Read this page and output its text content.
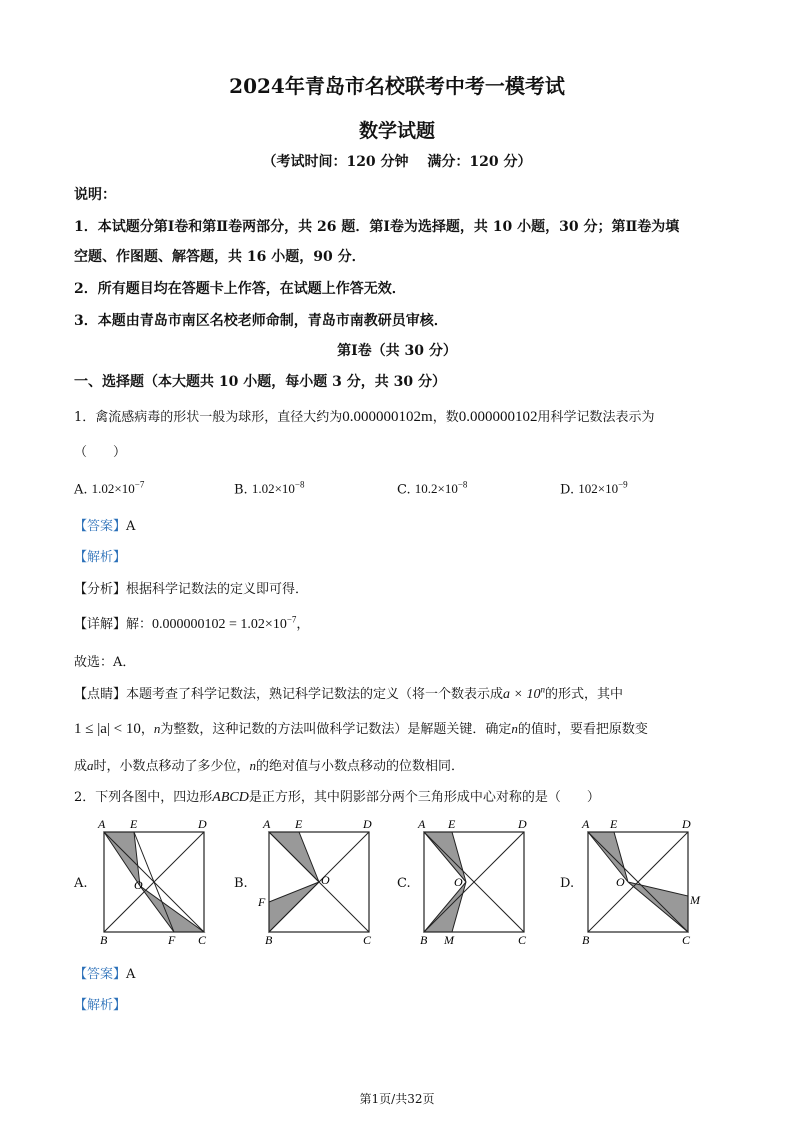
2024年青岛市名校联考中考一模考试
数学试题
（考试时间：120 分钟　 满分：120 分）
说明：
1．本试题分第Ⅰ卷和第Ⅱ卷两部分，共 26 题．第Ⅰ卷为选择题，共 10 小题，30 分；第Ⅱ卷为填
空题、作图题、解答题，共 16 小题，90 分．
2．所有题目均在答题卡上作答，在试题上作答无效．
3．本题由青岛市南区名校老师命制，青岛市南教研员审核．
第Ⅰ卷（共 30 分）
一、选择题（本大题共 10 小题，每小题 3 分，共 30 分）
1．禽流感病毒的形状一般为球形，直径大约为0.000000102m，数0.000000102用科学记数法表示为
（　　）
A. $1.02\times 10^{-7}$	B. $1.02\times 10^{-8}$	C. $10.2\times 10^{-8}$	D. $102\times 10^{-9}$
【答案】A
【解析】
【分析】根据科学记数法的定义即可得．
【详解】解：$0.000000102 = 1.02\times 10^{-7}$，
故选：A．
【点睛】本题考查了科学记数法，熟记科学记数法的定义（将一个数表示成$a \times 10^n$的形式，其中
1 ≤ |a| < 10，n为整数，这种记数的方法叫做科学记数法）是解题关键．确定n的值时，要看把原数变
成a时，小数点移动了多少位，n的绝对值与小数点移动的位数相同．
2．下列各图中，四边形ABCD是正方形，其中阴影部分两个三角形成中心对称的是（　　）
A.	B.	C.	D.
A E	D
O
B	F C
A E	D
O
F
B	C
A E	D
O
B M	C
A E	D
O
M
B	C
【答案】A
【解析】
第1页/共32页
